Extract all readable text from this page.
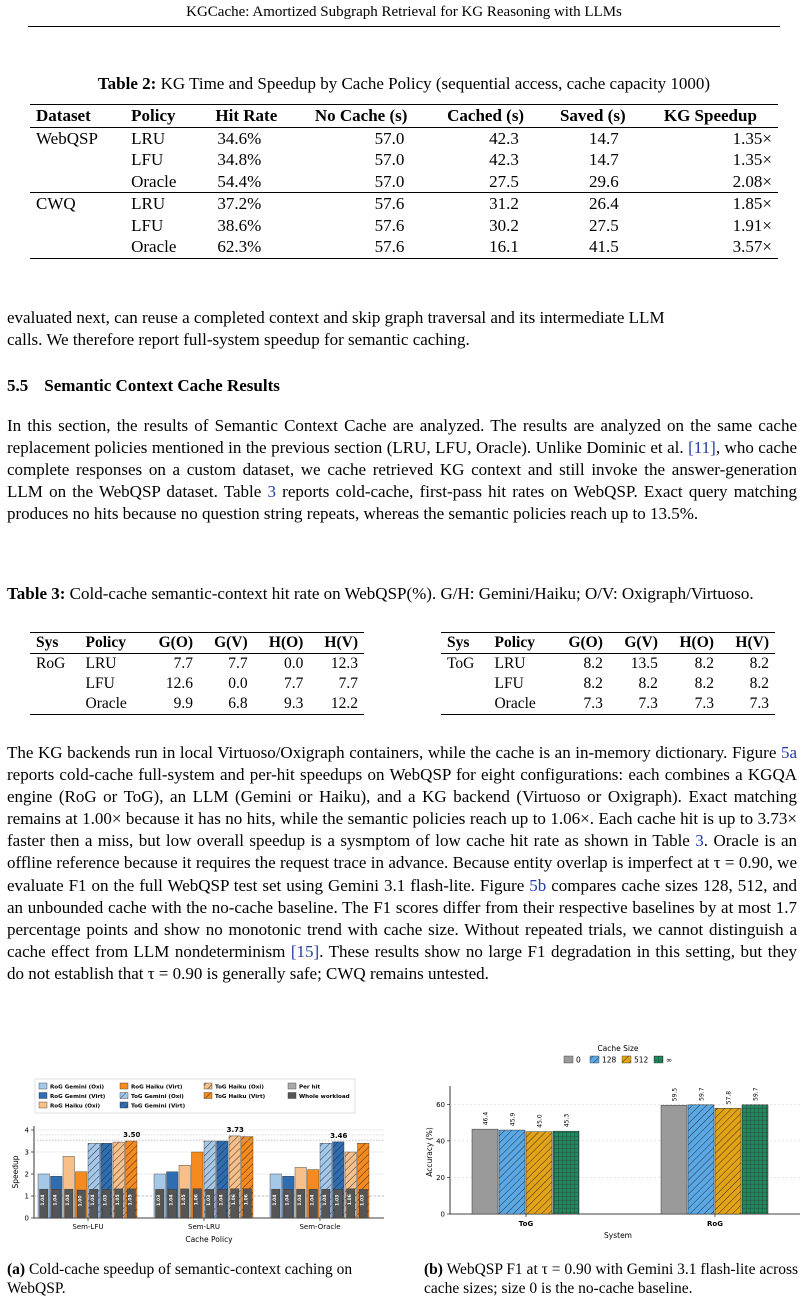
KGCache: Amortized Subgraph Retrieval for KG Reasoning with LLMs
Table 2: KG Time and Speedup by Cache Policy (sequential access, cache capacity 1000)
Dataset	Policy	Hit Rate	No Cache (s)	Cached (s)	Saved (s)	KG Speedup
WebQSP	LRU	34.6%	57.0	42.3	14.7	1.35×
	LFU	34.8%	57.0	42.3	14.7	1.35×
	Oracle	54.4%	57.0	27.5	29.6	2.08×
CWQ	LRU	37.2%	57.6	31.2	26.4	1.85×
	LFU	38.6%	57.6	30.2	27.5	1.91×
	Oracle	62.3%	57.6	16.1	41.5	3.57×
evaluated next, can reuse a completed context and skip graph traversal and its intermediate LLM
calls. We therefore report full-system speedup for semantic caching.
5.5 Semantic Context Cache Results
In this section, the results of Semantic Context Cache are analyzed. The results are analyzed on the same cache replacement policies mentioned in the previous section (LRU, LFU, Oracle). Unlike Dominic et al. [11], who cache complete responses on a custom dataset, we cache retrieved KG context and still invoke the answer-generation LLM on the WebQSP dataset. Table 3 reports cold-cache, first-pass hit rates on WebQSP. Exact query matching produces no hits because no question string repeats, whereas the semantic policies reach up to 13.5%.
Table 3: Cold-cache semantic-context hit rate on WebQSP(%). G/H: Gemini/Haiku; O/V: Oxigraph/Virtuoso.
Sys	Policy	G(O)	G(V)	H(O)	H(V)
RoG	LRU	7.7	7.7	0.0	12.3
	LFU	12.6	0.0	7.7	7.7
	Oracle	9.9	6.8	9.3	12.2
Sys	Policy	G(O)	G(V)	H(O)	H(V)
ToG	LRU	8.2	13.5	8.2	8.2
	LFU	8.2	8.2	8.2	8.2
	Oracle	7.3	7.3	7.3	7.3
The KG backends run in local Virtuoso/Oxigraph containers, while the cache is an in-memory dictionary. Figure 5a reports cold-cache full-system and per-hit speedups on WebQSP for eight configurations: each combines a KGQA engine (RoG or ToG), an LLM (Gemini or Haiku), and a KG backend (Virtuoso or Oxigraph). Exact matching remains at 1.00× because it has no hits, while the semantic policies reach up to 1.06×. Each cache hit is up to 3.73× faster then a miss, but low overall speedup is a sysmptom of low cache hit rate as shown in Table 3. Oracle is an offline reference because it requires the request trace in advance. Because entity overlap is imperfect at τ = 0.90, we evaluate F1 on the full WebQSP test set using Gemini 3.1 flash-lite. Figure 5b compares cache sizes 128, 512, and an unbounded cache with the no-cache baseline. The F1 scores differ from their respective baselines by at most 1.7 percentage points and show no monotonic trend with cache size. Without repeated trials, we cannot distinguish a cache effect from LLM nondeterminism [15]. These results show no large F1 degradation in this setting, but they do not establish that τ = 0.90 is generally safe; CWQ remains untested.
RoG Gemini (Oxi)	RoG Haiku (Virt)	ToG Haiku (Oxi)	Per hit
RoG Gemini (Virt)	ToG Gemini (Oxi)	ToG Haiku (Virt)	Whole workload
RoG Haiku (Oxi)	ToG Gemini (Virt)
0
1
2
3
4
Speedup
Cache Policy
1.04 1.04 1.04 1.00 1.04 1.03 1.05 1.05
Sem-LFU
1.03 1.04 1.05 1.06 1.03 1.04 1.06 1.06
Sem-LRU
1.04 1.04 1.04 1.04 1.04 1.03 1.06 1.03
Sem-Oracle
3.50
3.73
3.46
Cache Size
0	128 512 ∞
0
20
40
60
Accuracy (%)
System
46.4	45.9	45.0	45.3
ToG
59.5	59.7	57.8	59.7
RoG
(a) Cold-cache speedup of semantic-context caching on WebQSP.
(b) WebQSP F1 at τ = 0.90 with Gemini 3.1 flash-lite across cache sizes; size 0 is the no-cache baseline.
